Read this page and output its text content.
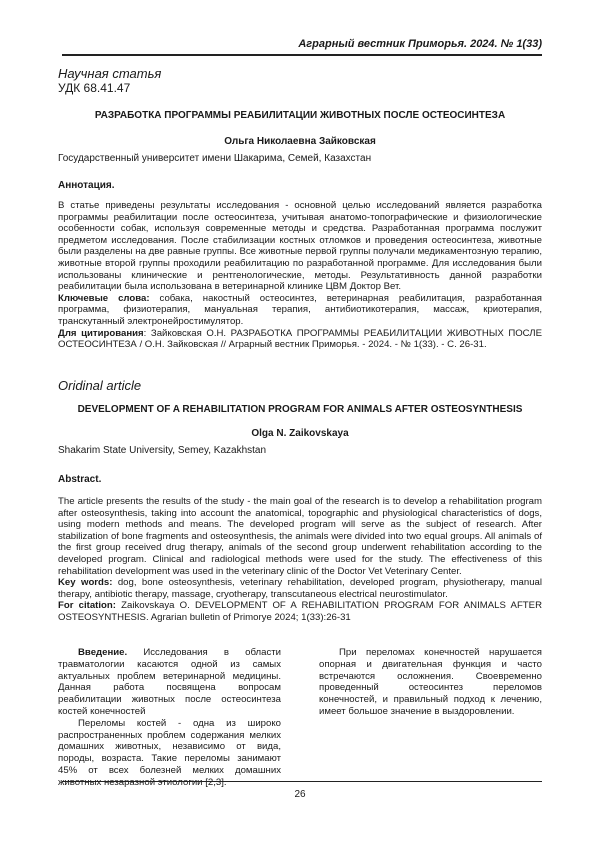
Аграрный вестник Приморья. 2024. № 1(33)
Научная статья
УДК 68.41.47
РАЗРАБОТКА ПРОГРАММЫ РЕАБИЛИТАЦИИ ЖИВОТНЫХ ПОСЛЕ ОСТЕОСИНТЕЗА
Ольга Николаевна Зайковская
Государственный университет имени Шакарима, Семей, Казахстан
Аннотация.

В статье приведены результаты исследования - основной целью исследований является разработка программы реабилитации после остеосинтеза, учитывая анатомо-топографические и физиологические особенности собак, используя современные методы и средства. Разработанная программа послужит предметом исследования. После стабилизации костных отломков и проведения остеосинтеза, животные были разделены на две равные группы. Все животные первой группы получали медикаментозную терапию, животные второй группы проходили реабилитацию по разработанной программе. Для исследования были использованы клинические и рентгенологические, методы. Результативность данной разработки реабилитации была использована в ветеринарной клинике ЦВМ Доктор Вет.

Ключевые слова: собака, накостный остеосинтез, ветеринарная реабилитация, разработанная программа, физиотерапия, мануальная терапия, антибиотикотерапия, массаж, криотерапия, транскутанный электронейростимулятор.

Для цитирования: Зайковская О.Н. РАЗРАБОТКА ПРОГРАММЫ РЕАБИЛИТАЦИИ ЖИВОТНЫХ ПОСЛЕ ОСТЕОСИНТЕЗА / О.Н. Зайковская // Аграрный вестник Приморья. - 2024. - № 1(33). - С. 26-31.

Oridinal article
DEVELOPMENT OF A REHABILITATION PROGRAM FOR ANIMALS AFTER OSTEOSYNTHESIS
Olga N. Zaikovskaya
Shakarim State University, Semey, Kazakhstan
Abstract.

The article presents the results of the study - the main goal of the research is to develop a rehabilitation program after osteosynthesis, taking into account the anatomical, topographic and physiological characteristics of dogs, using modern methods and means. The developed program will serve as the subject of research. After stabilization of bone fragments and osteosynthesis, the animals were divided into two equal groups. All animals of the first group received drug therapy, animals of the second group underwent rehabilitation according to the developed program. Clinical and radiological methods were used for the study. The effectiveness of this rehabilitation development was used in the veterinary clinic of the Doctor Vet Veterinary Center.

Key words: dog, bone osteosynthesis, veterinary rehabilitation, developed program, physiotherapy, manual therapy, antibiotic therapy, massage, cryotherapy, transcutaneous electrical neurostimulator.

For citation: Zaikovskaya O. DEVELOPMENT OF A REHABILITATION PROGRAM FOR ANIMALS AFTER OSTEOSYNTHESIS. Agrarian bulletin of Primorye 2024; 1(33):26-31

Введение. Исследования в области травматологии касаются одной из самых актуальных проблем ветеринарной медицины. Данная работа посвящена вопросам реабилитации животных после остеосинтеза костей конечностей

Переломы костей - одна из широко распространенных проблем содержания мелких домашних животных, независимо от вида, породы, возраста. Такие переломы занимают 45% от всех болезней мелких домашних животных незаразной этиологии [2,3].

При переломах конечностей нарушается опорная и двигательная функция и часто встречаются осложнения. Своевременно проведенный остеосинтез переломов конечностей, и правильный подход к лечению, имеет большое значение в выздоровлении.

26
